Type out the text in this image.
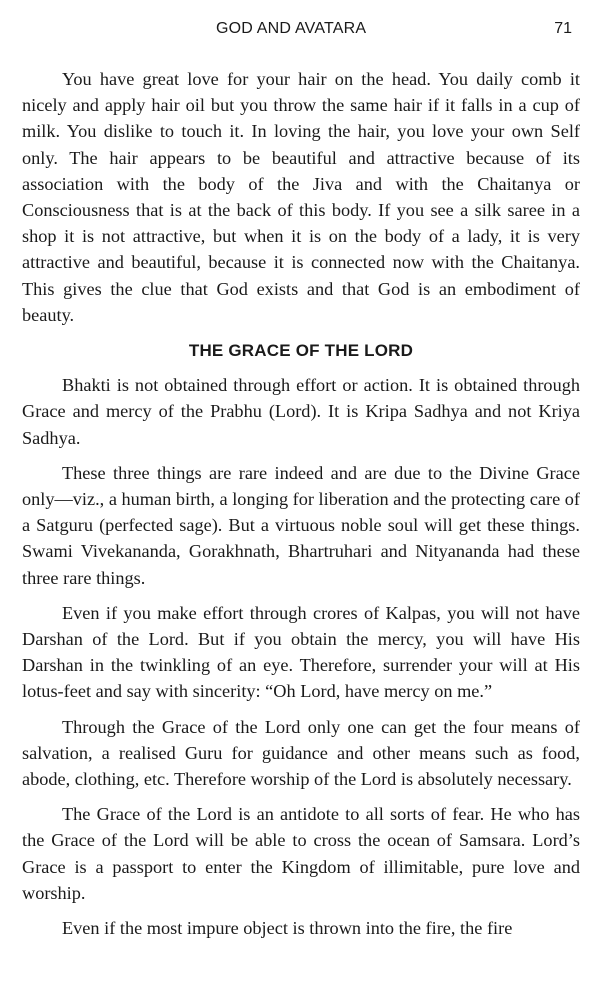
GOD AND AVATARA	71

You have great love for your hair on the head. You daily comb it nicely and apply hair oil but you throw the same hair if it falls in a cup of milk. You dislike to touch it. In loving the hair, you love your own Self only. The hair appears to be beautiful and attractive because of its association with the body of the Jiva and with the Chaitanya or Consciousness that is at the back of this body. If you see a silk saree in a shop it is not attractive, but when it is on the body of a lady, it is very attractive and beautiful, because it is connected now with the Chaitanya. This gives the clue that God exists and that God is an embodiment of beauty.

THE GRACE OF THE LORD

Bhakti is not obtained through effort or action. It is obtained through Grace and mercy of the Prabhu (Lord). It is Kripa Sadhya and not Kriya Sadhya.

These three things are rare indeed and are due to the Divine Grace only—viz., a human birth, a longing for liberation and the protecting care of a Satguru (perfected sage). But a virtuous noble soul will get these things. Swami Vivekananda, Gorakhnath, Bhartruhari and Nityananda had these three rare things.

Even if you make effort through crores of Kalpas, you will not have Darshan of the Lord. But if you obtain the mercy, you will have His Darshan in the twinkling of an eye. Therefore, surrender your will at His lotus-feet and say with sincerity: “Oh Lord, have mercy on me.”

Through the Grace of the Lord only one can get the four means of salvation, a realised Guru for guidance and other means such as food, abode, clothing, etc. Therefore worship of the Lord is absolutely necessary.

The Grace of the Lord is an antidote to all sorts of fear. He who has the Grace of the Lord will be able to cross the ocean of Samsara. Lord’s Grace is a passport to enter the Kingdom of illimitable, pure love and worship.

Even if the most impure object is thrown into the fire, the fire
